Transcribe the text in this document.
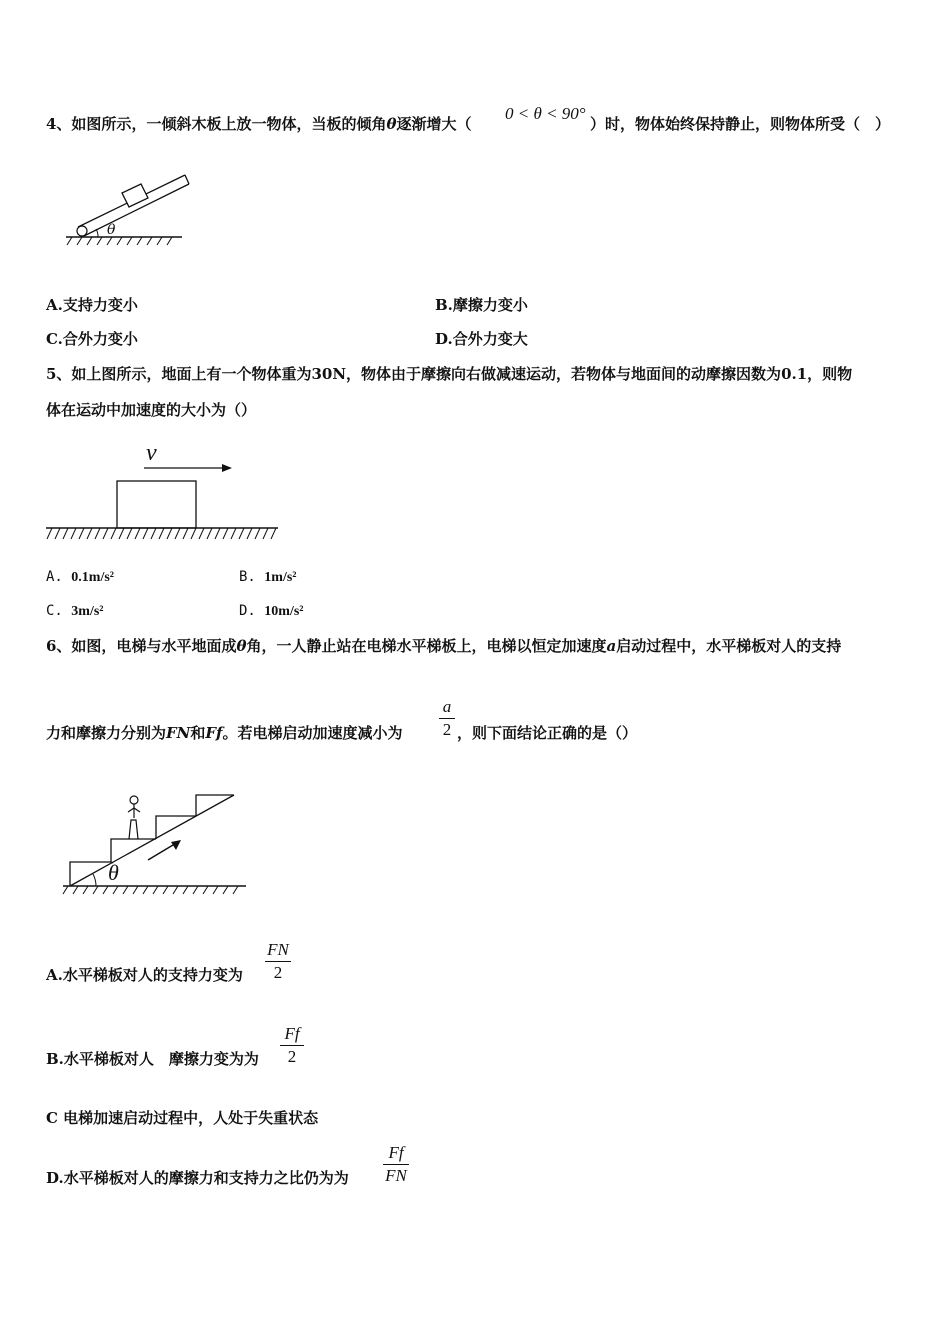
4、如图所示，一倾斜木板上放一物体，当板的倾角θ逐渐增大（
0 < θ < 90°
）时，物体始终保持静止，则物体所受（　）
θ
A.支持力变小	B.摩擦力变小
C.合外力变小	D.合外力变大
5、如上图所示，地面上有一个物体重为30N，物体由于摩擦向右做减速运动，若物体与地面间的动摩擦因数为0.1，则物
体在运动中加速度的大小为（）
v
A. 0.1m/s²	B. 1m/s²
C. 3m/s²	D. 10m/s²
6、如图，电梯与水平地面成θ角，一人静止站在电梯水平梯板上，电梯以恒定加速度a启动过程中，水平梯板对人的支持
力和摩擦力分别为FN和Ff。若电梯启动加速度减小为
a
2 ，则下面结论正确的是（）
θ
A.水平梯板对人的支持力变为
FN
2
B.水平梯板对人　摩擦力变为为
Ff
2
C 电梯加速启动过程中，人处于失重状态
D.水平梯板对人的摩擦力和支持力之比仍为为
Ff
FN
